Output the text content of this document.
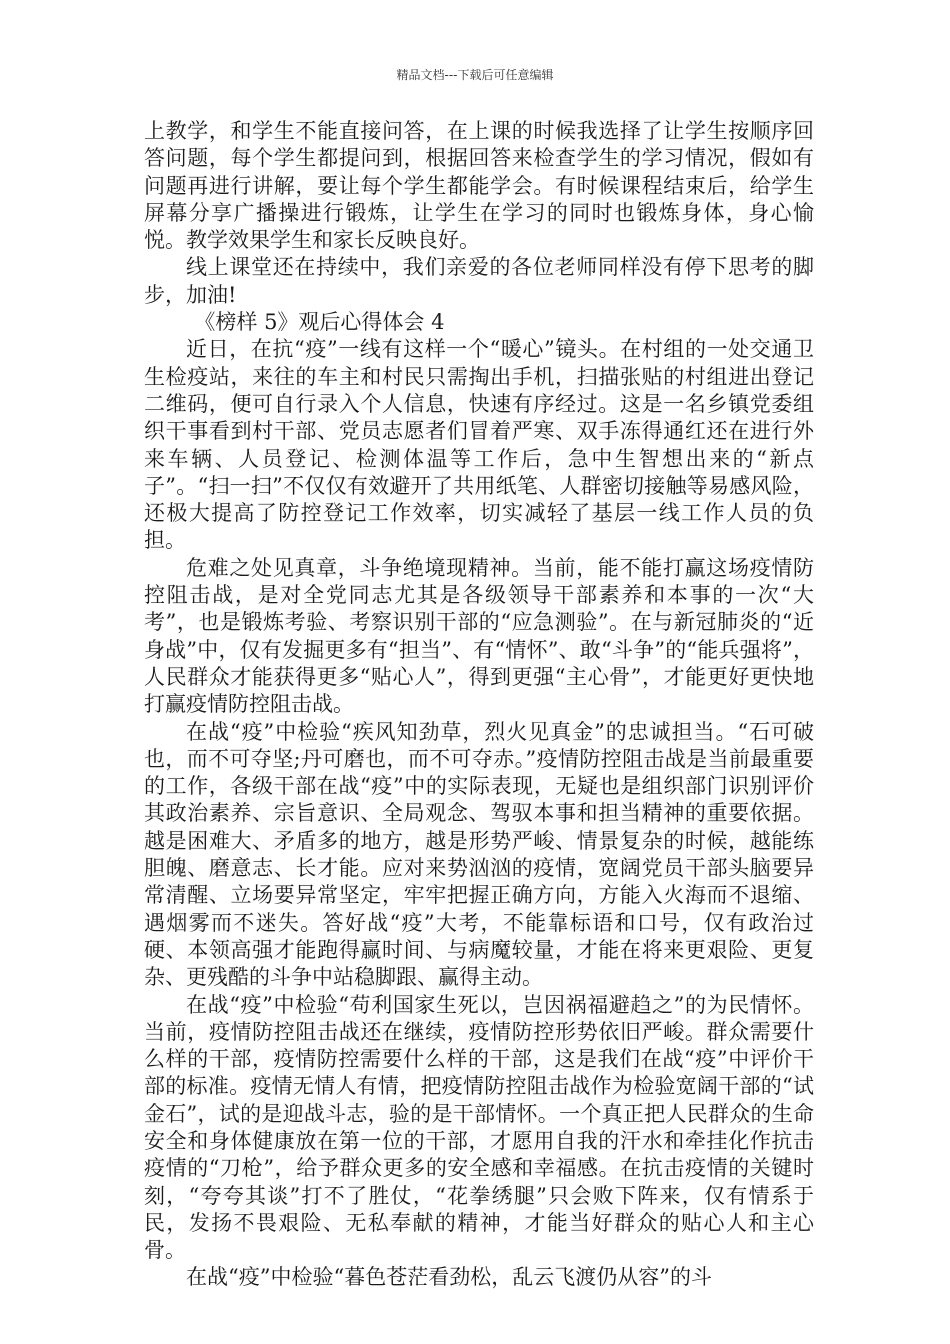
精品文档---下载后可任意编辑

上教学，和学生不能直接问答，在上课的时候我选择了让学生按顺序回答问题，每个学生都提问到，根据回答来检查学生的学习情况，假如有问题再进行讲解，要让每个学生都能学会。有时候课程结束后，给学生屏幕分享广播操进行锻炼，让学生在学习的同时也锻炼身体，身心愉悦。教学效果学生和家长反映良好。

线上课堂还在持续中，我们亲爱的各位老师同样没有停下思考的脚步，加油!

《榜样 5》观后心得体会 4

近日，在抗“疫”一线有这样一个“暖心”镜头。在村组的一处交通卫生检疫站，来往的车主和村民只需掏出手机，扫描张贴的村组进出登记二维码，便可自行录入个人信息，快速有序经过。这是一名乡镇党委组织干事看到村干部、党员志愿者们冒着严寒、双手冻得通红还在进行外来车辆、人员登记、检测体温等工作后，急中生智想出来的“新点子”。“扫一扫”不仅仅有效避开了共用纸笔、人群密切接触等易感风险，还极大提高了防控登记工作效率，切实减轻了基层一线工作人员的负担。

危难之处见真章，斗争绝境现精神。当前，能不能打赢这场疫情防控阻击战，是对全党同志尤其是各级领导干部素养和本事的一次“大考”，也是锻炼考验、考察识别干部的“应急测验”。在与新冠肺炎的“近身战”中，仅有发掘更多有“担当”、有“情怀”、敢“斗争”的“能兵强将”，人民群众才能获得更多“贴心人”，得到更强“主心骨”，才能更好更快地打赢疫情防控阻击战。

在战“疫”中检验“疾风知劲草，烈火见真金”的忠诚担当。“石可破也，而不可夺坚;丹可磨也，而不可夺赤。”疫情防控阻击战是当前最重要的工作，各级干部在战“疫”中的实际表现，无疑也是组织部门识别评价其政治素养、宗旨意识、全局观念、驾驭本事和担当精神的重要依据。越是困难大、矛盾多的地方，越是形势严峻、情景复杂的时候，越能练胆魄、磨意志、长才能。应对来势汹汹的疫情，宽阔党员干部头脑要异常清醒、立场要异常坚定，牢牢把握正确方向，方能入火海而不退缩、遇烟雾而不迷失。答好战“疫”大考，不能靠标语和口号，仅有政治过硬、本领高强才能跑得赢时间、与病魔较量，才能在将来更艰险、更复杂、更残酷的斗争中站稳脚跟、赢得主动。

在战“疫”中检验“苟利国家生死以，岂因祸福避趋之”的为民情怀。当前，疫情防控阻击战还在继续，疫情防控形势依旧严峻。群众需要什么样的干部，疫情防控需要什么样的干部，这是我们在战“疫”中评价干部的标准。疫情无情人有情，把疫情防控阻击战作为检验宽阔干部的“试金石”，试的是迎战斗志，验的是干部情怀。一个真正把人民群众的生命安全和身体健康放在第一位的干部，才愿用自我的汗水和牵挂化作抗击疫情的“刀枪”，给予群众更多的安全感和幸福感。在抗击疫情的关键时刻，“夸夸其谈”打不了胜仗，“花拳绣腿”只会败下阵来，仅有情系于民，发扬不畏艰险、无私奉献的精神，才能当好群众的贴心人和主心骨。

在战“疫”中检验“暮色苍茫看劲松，乱云飞渡仍从容”的斗
